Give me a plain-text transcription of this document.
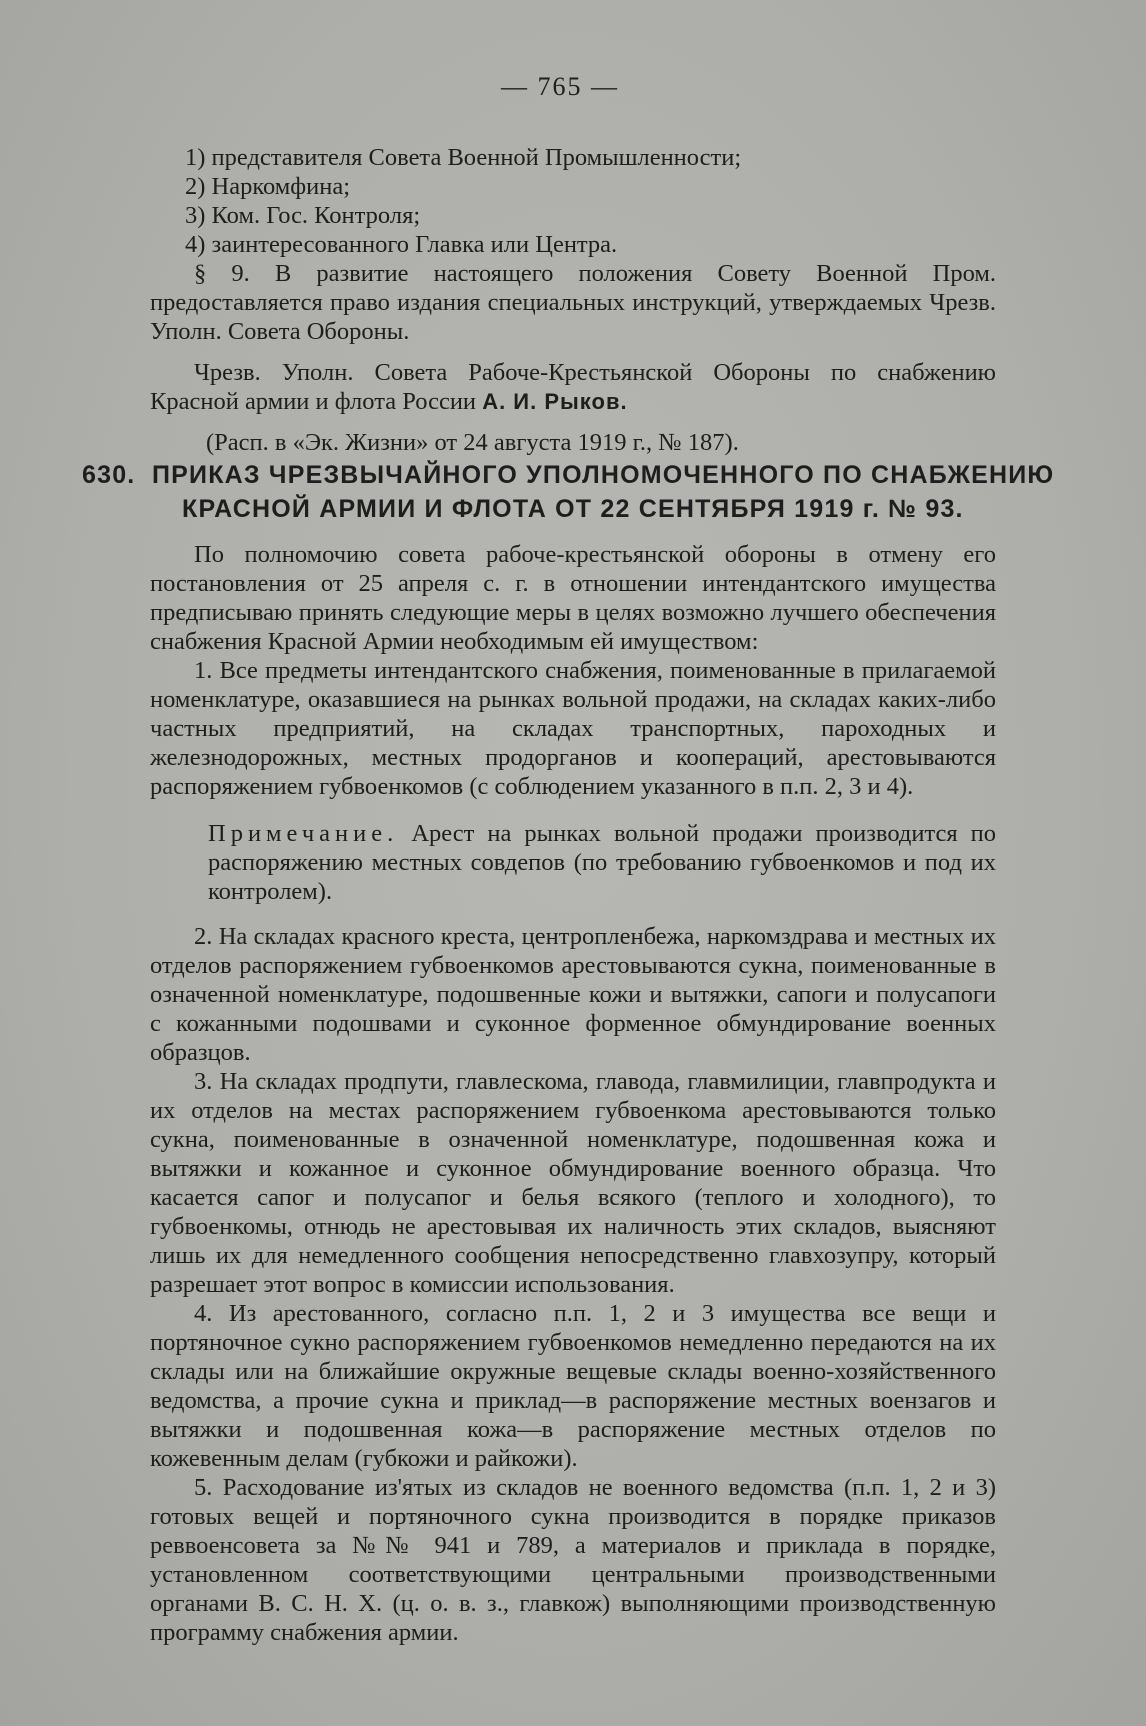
— 765 —
1) представителя Совета Военной Промышленности;
2) Наркомфина;
3) Ком. Гос. Контроля;
4) заинтересованного Главка или Центра.

§ 9. В развитие настоящего положения Совету Военной Пром. предоставляется право издания специальных инструкций, утверждаемых Чрезв. Уполн. Совета Обороны.

Чрезв. Уполн. Совета Рабоче-Крестьянской Обороны по снабжению Красной армии и флота России А. И. Рыков.

(Расп. в «Эк. Жизни» от 24 августа 1919 г., № 187).
630. ПРИКАЗ ЧРЕЗВЫЧАЙНОГО УПОЛНОМОЧЕННОГО ПО СНАБЖЕНИЮ
КРАСНОЙ АРМИИ И ФЛОТА ОТ 22 СЕНТЯБРЯ 1919 г. № 93.

По полномочию совета рабоче-крестьянской обороны в отмену его постановления от 25 апреля с. г. в отношении интендантского имущества предписываю принять следующие меры в целях возможно лучшего обеспечения снабжения Красной Армии необходимым ей имуществом:

1. Все предметы интендантского снабжения, поименованные в прилагаемой номенклатуре, оказавшиеся на рынках вольной продажи, на складах каких-либо частных предприятий, на складах транспортных, пароходных и железнодорожных, местных продорганов и коопераций, арестовываются распоряжением губвоенкомов (с соблюдением указанного в п.п. 2, 3 и 4).

Примечание. Арест на рынках вольной продажи производится по распоряжению местных совдепов (по требованию губвоенкомов и под их контролем).

2. На складах красного креста, центропленбежа, наркомздрава и местных их отделов распоряжением губвоенкомов арестовываются сукна, поименованные в означенной номенклатуре, подошвенные кожи и вытяжки, сапоги и полусапоги с кожанными подошвами и суконное форменное обмундирование военных образцов.

3. На складах продпути, главлескома, главода, главмилиции, главпродукта и их отделов на местах распоряжением губвоенкома арестовываются только сукна, поименованные в означенной номенклатуре, подошвенная кожа и вытяжки и кожанное и суконное обмундирование военного образца. Что касается сапог и полусапог и белья всякого (теплого и холодного), то губвоенкомы, отнюдь не арестовывая их наличность этих складов, выясняют лишь их для немедленного сообщения непосредственно главхозупру, который разрешает этот вопрос в комиссии использования.

4. Из арестованного, согласно п.п. 1, 2 и 3 имущества все вещи и портяночное сукно распоряжением губвоенкомов немедленно передаются на их склады или на ближайшие окружные вещевые склады военно-хозяйственного ведомства, а прочие сукна и приклад—в распоряжение местных воензагов и вытяжки и подошвенная кожа—в распоряжение местных отделов по кожевенным делам (губкожи и райкожи).

5. Расходование из'ятых из складов не военного ведомства (п.п. 1, 2 и 3) готовых вещей и портяночного сукна производится в порядке приказов реввоенсовета за №№ 941 и 789, а материалов и приклада в порядке, установленном соответствующими центральными производственными органами В. С. Н. Х. (ц. о. в. з., главкож) выполняющими производственную программу снабжения армии.
